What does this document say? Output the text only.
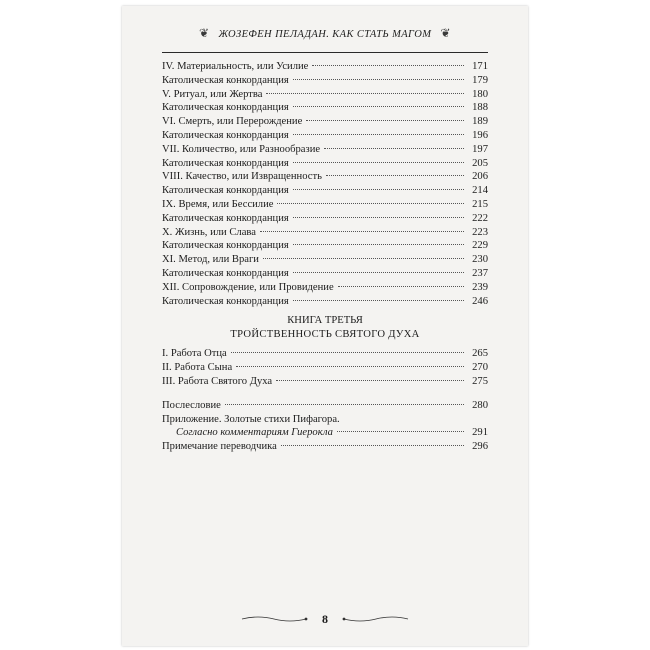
❦ ЖОЗЕФЕН ПЕЛАДАН. КАК СТАТЬ МАГОМ ❦
IV. Материальность, или Усилие	171
Католическая конкорданция	179
V. Ритуал, или Жертва	180
Католическая конкорданция	188
VI. Смерть, или Перерождение	189
Католическая конкорданция	196
VII. Количество, или Разнообразие	197
Католическая конкорданция	205
VIII. Качество, или Извращенность	206
Католическая конкорданция	214
IX. Время, или Бессилие	215
Католическая конкорданция	222
X. Жизнь, или Слава	223
Католическая конкорданция	229
XI. Метод, или Враги	230
Католическая конкорданция	237
XII. Сопровождение, или Провидение	239
Католическая конкорданция	246
КНИГА ТРЕТЬЯ
ТРОЙСТВЕННОСТЬ СВЯТОГО ДУХА
I. Работа Отца	265
II. Работа Сына	270
III. Работа Святого Духа	275
Послесловие	280
Приложение. Золотые стихи Пифагора.
Согласно комментариям Гиерокла	291
Примечание переводчика	296
8
